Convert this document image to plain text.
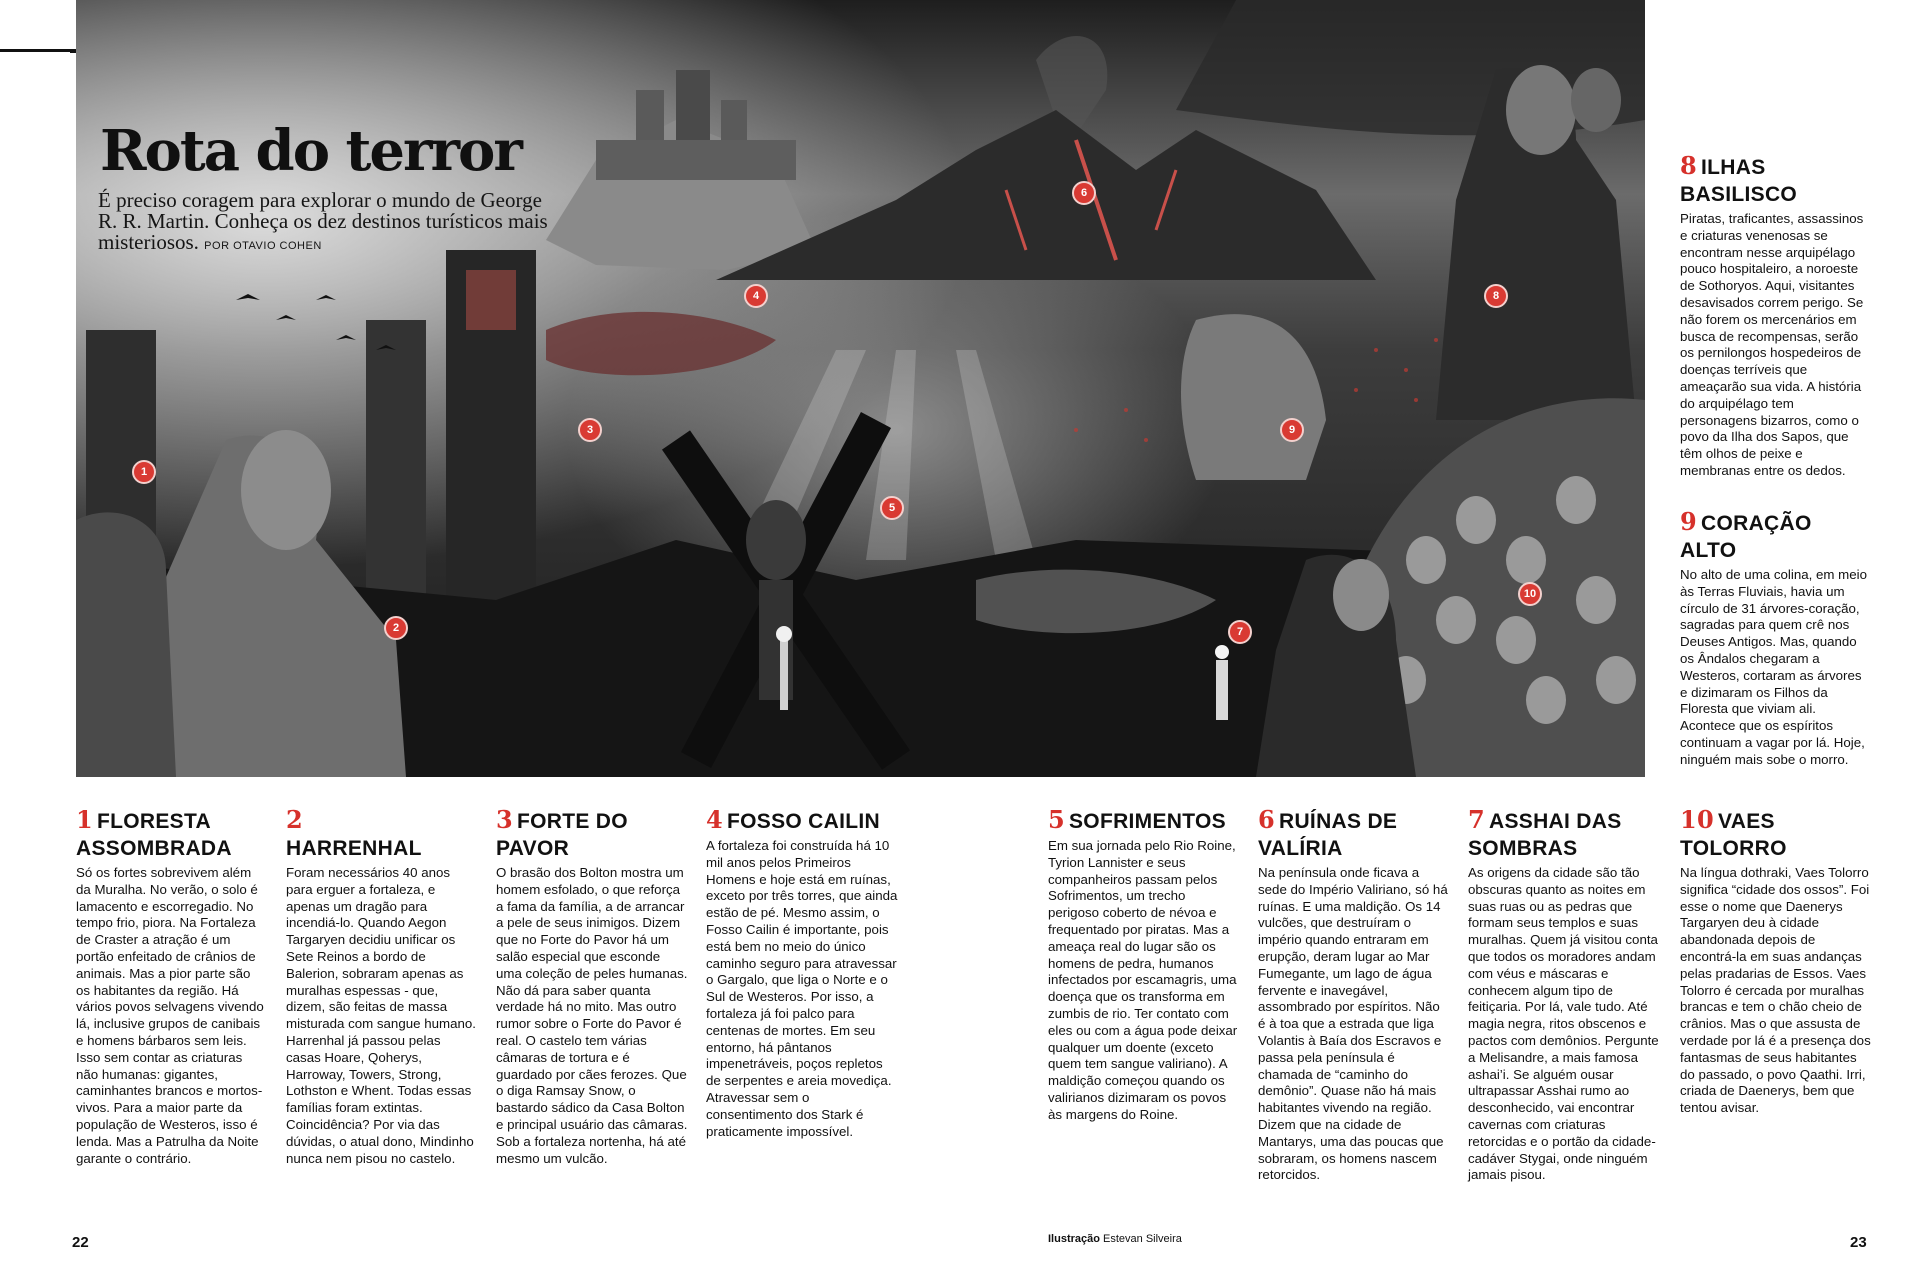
1
2
3
4
5
6
7
8
9
10
Rota do terror

É preciso coragem para explorar o mundo de George R. R. Martin. Conheça os dez destinos turísticos mais misteriosos. POR OTAVIO COHEN

8 ILHAS BASILISCO

Piratas, traficantes, assassinos e criaturas venenosas se encontram nesse arquipélago pouco hospitaleiro, a noroeste de Sothoryos. Aqui, visitantes desavisados correm perigo. Se não forem os mercenários em busca de recompensas, serão os pernilongos hospedeiros de doenças terríveis que ameaçarão sua vida. A história do arquipélago tem personagens bizarros, como o povo da Ilha dos Sapos, que têm olhos de peixe e membranas entre os dedos.

9 CORAÇÃO ALTO

No alto de uma colina, em meio às Terras Fluviais, havia um círculo de 31 árvores-coração, sagradas para quem crê nos Deuses Antigos. Mas, quando os Ândalos chegaram a Westeros, cortaram as árvores e dizimaram os Filhos da Floresta que viviam ali. Acontece que os espíritos continuam a vagar por lá. Hoje, ninguém mais sobe o morro.

1 FLORESTA ASSOMBRADA

Só os fortes sobrevivem além da Muralha. No verão, o solo é lamacento e escorregadio. No tempo frio, piora. Na Fortaleza de Craster a atração é um portão enfeitado de crânios de animais. Mas a pior parte são os habitantes da região. Há vários povos selvagens vivendo lá, inclusive grupos de canibais e homens bárbaros sem leis. Isso sem contar as criaturas não humanas: gigantes, caminhantes brancos e mortos-vivos. Para a maior parte da população de Westeros, isso é lenda. Mas a Patrulha da Noite garante o contrário.

2
HARRENHAL

Foram necessários 40 anos para erguer a fortaleza, e apenas um dragão para incendiá-lo. Quando Aegon Targaryen decidiu unificar os Sete Reinos a bordo de Balerion, sobraram apenas as muralhas espessas - que, dizem, são feitas de massa misturada com sangue humano. Harrenhal já passou pelas casas Hoare, Qoherys, Harroway, Towers, Strong, Lothston e Whent. Todas essas famílias foram extintas. Coincidência? Por via das dúvidas, o atual dono, Mindinho nunca nem pisou no castelo.

3 FORTE DO PAVOR

O brasão dos Bolton mostra um homem esfolado, o que reforça a fama da família, a de arrancar a pele de seus inimigos. Dizem que no Forte do Pavor há um salão especial que esconde uma coleção de peles humanas. Não dá para saber quanta verdade há no mito. Mas outro rumor sobre o Forte do Pavor é real. O castelo tem várias câmaras de tortura e é guardado por cães ferozes. Que o diga Ramsay Snow, o bastardo sádico da Casa Bolton e principal usuário das câmaras. Sob a fortaleza nortenha, há até mesmo um vulcão.

4 FOSSO CAILIN

A fortaleza foi construída há 10 mil anos pelos Primeiros Homens e hoje está em ruínas, exceto por três torres, que ainda estão de pé. Mesmo assim, o Fosso Cailin é importante, pois está bem no meio do único caminho seguro para atravessar o Gargalo, que liga o Norte e o Sul de Westeros. Por isso, a fortaleza já foi palco para centenas de mortes. Em seu entorno, há pântanos impenetráveis, poços repletos de serpentes e areia movediça. Atravessar sem o consentimento dos Stark é praticamente impossível.

5 SOFRIMENTOS

Em sua jornada pelo Rio Roine, Tyrion Lannister e seus companheiros passam pelos Sofrimentos, um trecho perigoso coberto de névoa e frequentado por piratas. Mas a ameaça real do lugar são os homens de pedra, humanos infectados por escamagris, uma doença que os transforma em zumbis de rio. Ter contato com eles ou com a água pode deixar qualquer um doente (exceto quem tem sangue valiriano). A maldição começou quando os valirianos dizimaram os povos às margens do Roine.

6 RUÍNAS DE VALÍRIA

Na península onde ficava a sede do Império Valiriano, só há ruínas. E uma maldição. Os 14 vulcões, que destruíram o império quando entraram em erupção, deram lugar ao Mar Fumegante, um lago de água fervente e inavegável, assombrado por espíritos. Não é à toa que a estrada que liga Volantis à Baía dos Escravos e passa pela península é chamada de “caminho do demônio”. Quase não há mais habitantes vivendo na região. Dizem que na cidade de Mantarys, uma das poucas que sobraram, os homens nascem retorcidos.

7 ASSHAI DAS SOMBRAS

As origens da cidade são tão obscuras quanto as noites em suas ruas ou as pedras que formam seus templos e suas muralhas. Quem já visitou conta que todos os moradores andam com véus e máscaras e conhecem algum tipo de feitiçaria. Por lá, vale tudo. Até magia negra, ritos obscenos e pactos com demônios. Pergunte a Melisandre, a mais famosa ashai’i. Se alguém ousar ultrapassar Asshai rumo ao desconhecido, vai encontrar cavernas com criaturas retorcidas e o portão da cidade-cadáver Stygai, onde ninguém jamais pisou.

10 VAES TOLORRO

Na língua dothraki, Vaes Tolorro significa “cidade dos ossos”. Foi esse o nome que Daenerys Targaryen deu à cidade abandonada depois de encontrá-la em suas andanças pelas pradarias de Essos. Vaes Tolorro é cercada por muralhas brancas e tem o chão cheio de crânios. Mas o que assusta de verdade por lá é a presença dos fantasmas de seus habitantes do passado, o povo Qaathi. Irri, criada de Daenerys, bem que tentou avisar.

22	Ilustração Estevan Silveira	23
